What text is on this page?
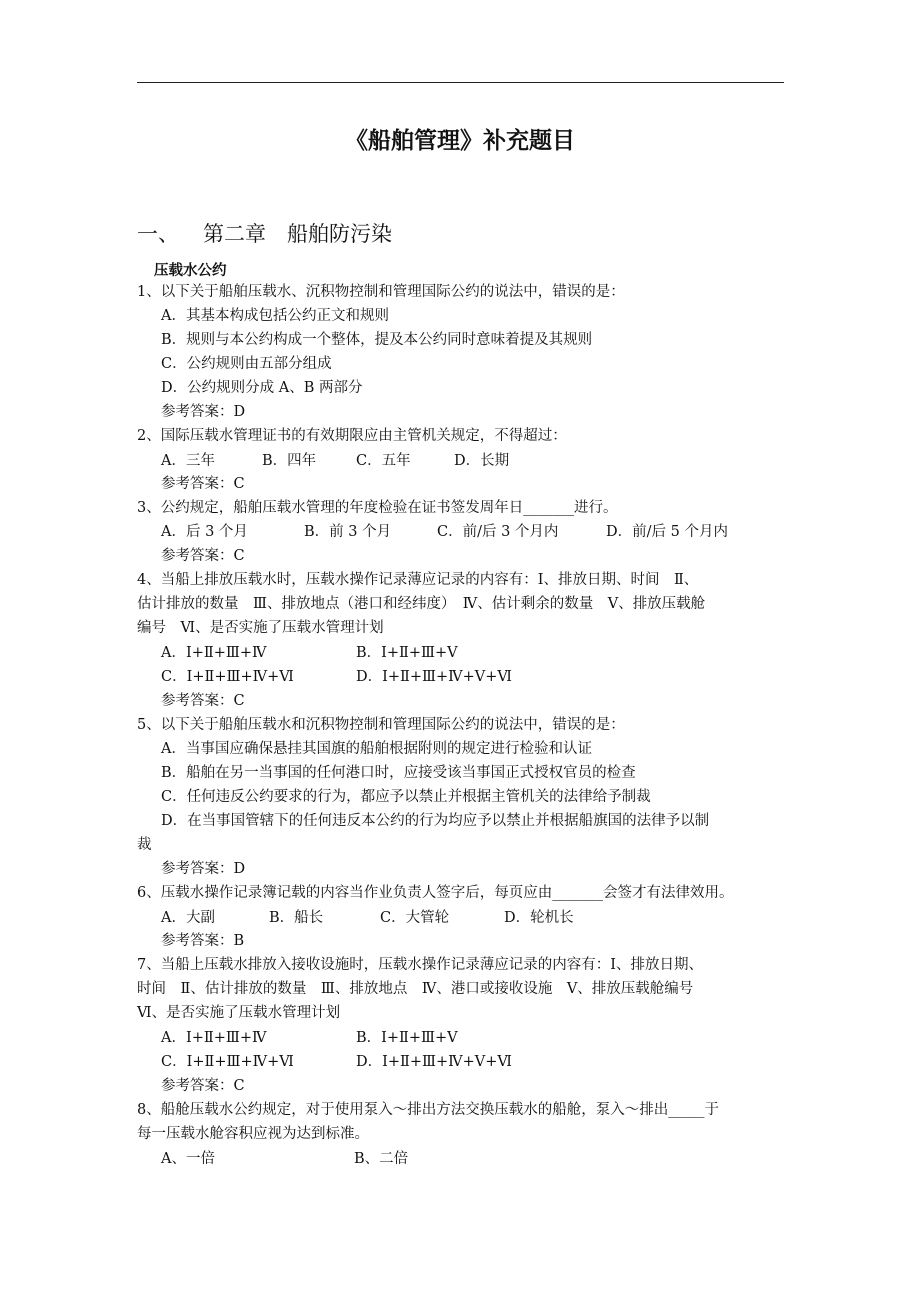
《船舶管理》补充题目
一、 第二章　船舶防污染
压载水公约
1、以下关于船舶压载水、沉积物控制和管理国际公约的说法中，错误的是：
A．其基本构成包括公约正文和规则
B．规则与本公约构成一个整体，提及本公约同时意味着提及其规则
C．公约规则由五部分组成
D．公约规则分成 A、B 两部分
参考答案：D
2、国际压载水管理证书的有效期限应由主管机关规定，不得超过：
A．三年	B．四年	C．五年	D．长期
参考答案：C
3、公约规定，船舶压载水管理的年度检验在证书签发周年日_______进行。
A．后 3 个月	B．前 3 个月	C．前/后 3 个月内	D．前/后 5 个月内
参考答案：C
4、当船上排放压载水时，压载水操作记录薄应记录的内容有：Ⅰ、排放日期、时间　Ⅱ、
估计排放的数量　Ⅲ、排放地点（港口和经纬度）　Ⅳ、估计剩余的数量　Ⅴ、排放压载舱
编号　Ⅵ、是否实施了压载水管理计划
A．Ⅰ+Ⅱ+Ⅲ+Ⅳ	B．Ⅰ+Ⅱ+Ⅲ+Ⅴ
C．Ⅰ+Ⅱ+Ⅲ+Ⅳ+Ⅵ	D．Ⅰ+Ⅱ+Ⅲ+Ⅳ+Ⅴ+Ⅵ
参考答案：C
5、以下关于船舶压载水和沉积物控制和管理国际公约的说法中，错误的是：
A．当事国应确保悬挂其国旗的船舶根据附则的规定进行检验和认证
B．船舶在另一当事国的任何港口时，应接受该当事国正式授权官员的检查
C．任何违反公约要求的行为，都应予以禁止并根据主管机关的法律给予制裁
D．在当事国管辖下的任何违反本公约的行为均应予以禁止并根据船旗国的法律予以制
裁
参考答案：D
6、压载水操作记录簿记载的内容当作业负责人签字后，每页应由_______会签才有法律效用。
A．大副	B．船长	C．大管轮	D．轮机长
参考答案：B
7、当船上压载水排放入接收设施时，压载水操作记录薄应记录的内容有：Ⅰ、排放日期、
时间　Ⅱ、估计排放的数量　Ⅲ、排放地点　Ⅳ、港口或接收设施　Ⅴ、排放压载舱编号
Ⅵ、是否实施了压载水管理计划
A．Ⅰ+Ⅱ+Ⅲ+Ⅳ	B．Ⅰ+Ⅱ+Ⅲ+Ⅴ
C．Ⅰ+Ⅱ+Ⅲ+Ⅳ+Ⅵ	D．Ⅰ+Ⅱ+Ⅲ+Ⅳ+Ⅴ+Ⅵ
参考答案：C
8、船舱压载水公约规定，对于使用泵入～排出方法交换压载水的船舱，泵入～排出_____于
每一压载水舱容积应视为达到标准。
A、一倍	B、二倍
